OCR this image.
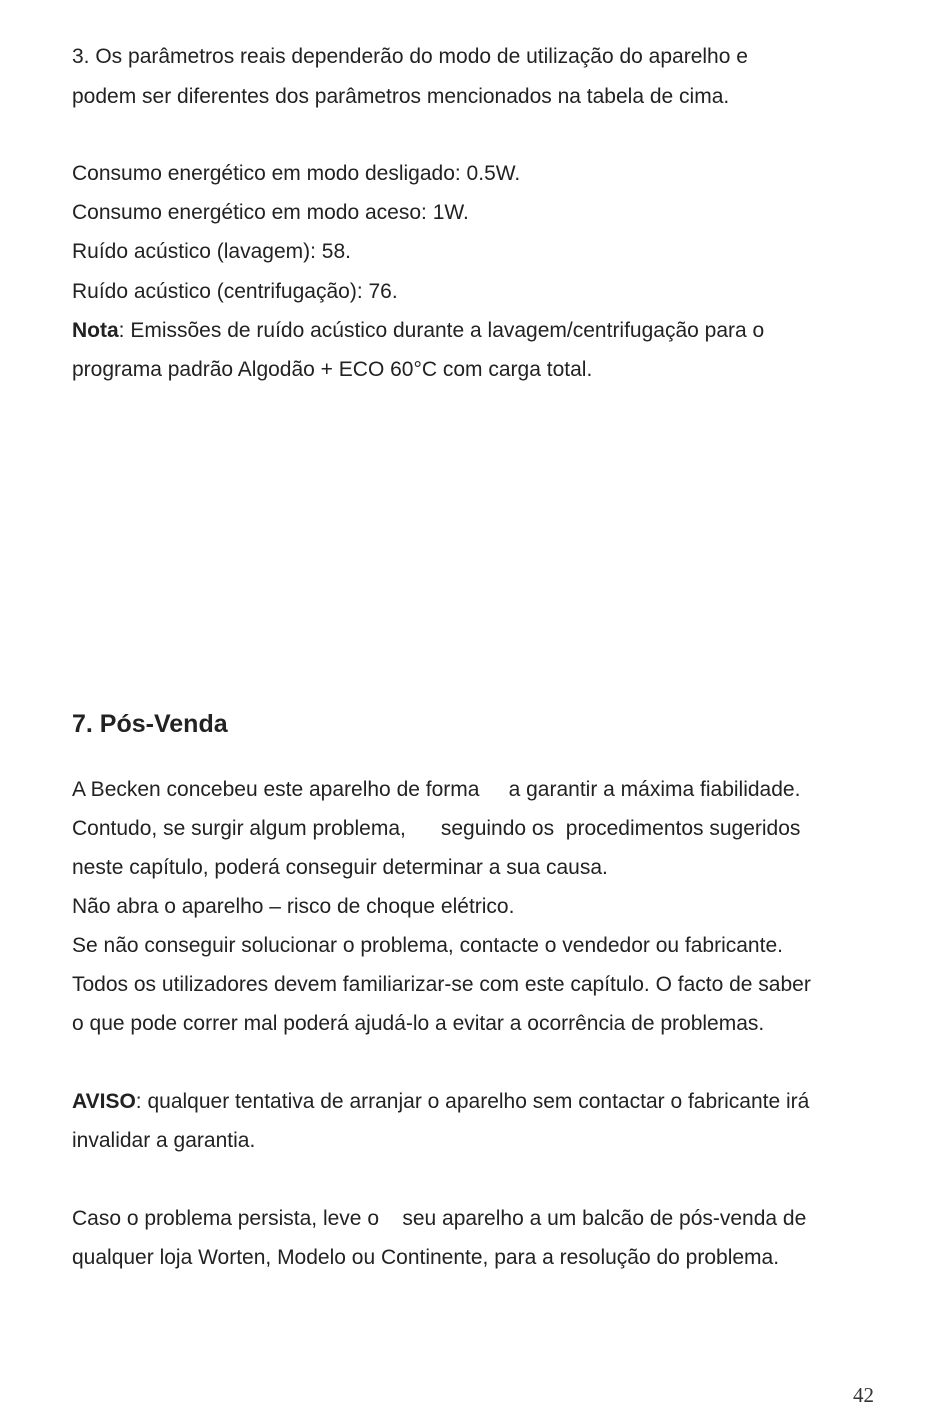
3. Os parâmetros reais dependerão do modo de utilização do aparelho e
podem ser diferentes dos parâmetros mencionados na tabela de cima.
Consumo energético em modo desligado: 0.5W.
Consumo energético em modo aceso: 1W.
Ruído acústico (lavagem): 58.
Ruído acústico (centrifugação): 76.
Nota: Emissões de ruído acústico durante a lavagem/centrifugação para o
programa padrão Algodão + ECO 60°C com carga total.
7. Pós-Venda
A Becken concebeu este aparelho de forma     a garantir a máxima fiabilidade.
Contudo, se surgir algum problema,      seguindo os  procedimentos sugeridos
neste capítulo, poderá conseguir determinar a sua causa.
Não abra o aparelho – risco de choque elétrico.
Se não conseguir solucionar o problema, contacte o vendedor ou fabricante.
Todos os utilizadores devem familiarizar-se com este capítulo. O facto de saber
o que pode correr mal poderá ajudá-lo a evitar a ocorrência de problemas.
AVISO: qualquer tentativa de arranjar o aparelho sem contactar o fabricante irá
invalidar a garantia.
Caso o problema persista, leve o    seu aparelho a um balcão de pós-venda de
qualquer loja Worten, Modelo ou Continente, para a resolução do problema.
42
